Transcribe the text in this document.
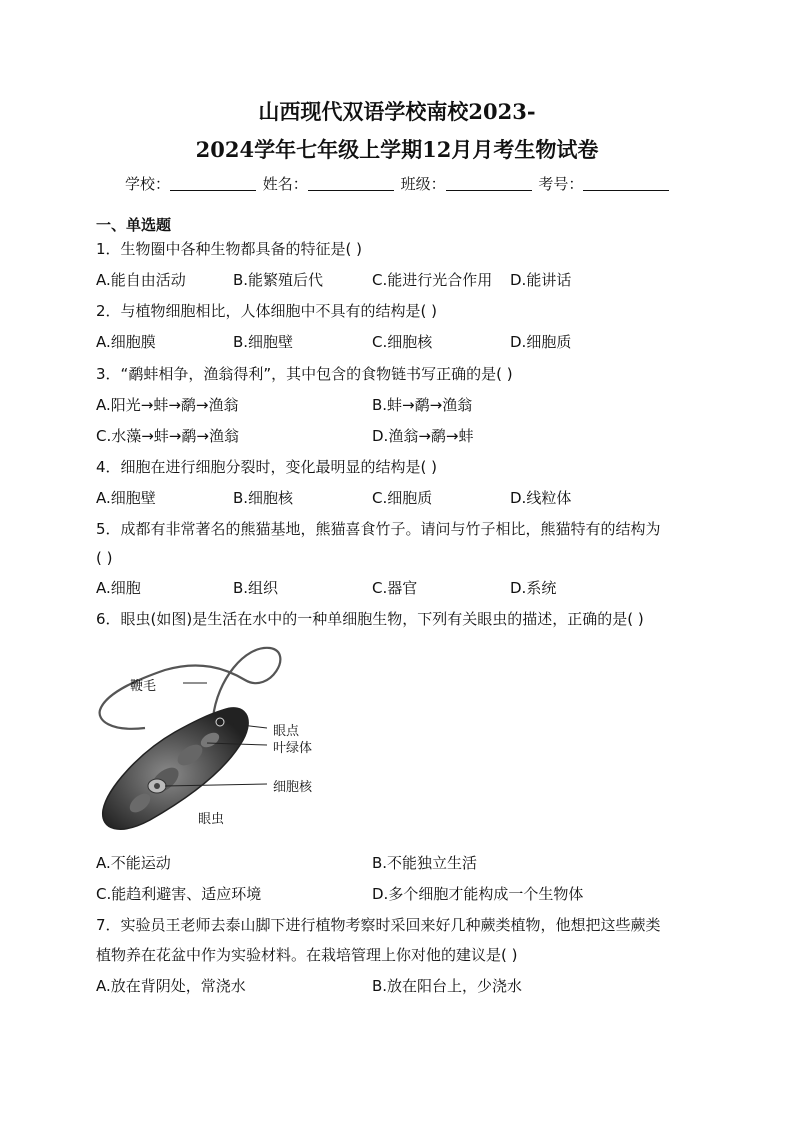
山西现代双语学校南校2023-
2024学年七年级上学期12月月考生物试卷
学校：	姓名：	班级：	考号：
一、单选题
1．生物圈中各种生物都具备的特征是( )
A.能自由活动	B.能繁殖后代	C.能进行光合作用 D.能讲话
2．与植物细胞相比，人体细胞中不具有的结构是( )
A.细胞膜	B.细胞壁	C.细胞核	D.细胞质
3．“鹬蚌相争，渔翁得利”，其中包含的食物链书写正确的是( )
A.阳光→蚌→鹬→渔翁	B.蚌→鹬→渔翁
C.水藻→蚌→鹬→渔翁	D.渔翁→鹬→蚌
4．细胞在进行细胞分裂时，变化最明显的结构是( )
A.细胞壁	B.细胞核	C.细胞质	D.线粒体
5．成都有非常著名的熊猫基地，熊猫喜食竹子。请问与竹子相比，熊猫特有的结构为
( )
A.细胞	B.组织	C.器官	D.系统
6．眼虫(如图)是生活在水中的一种单细胞生物，下列有关眼虫的描述，正确的是( )
鞭毛
眼点
叶绿体
细胞核
眼虫
A.不能运动	B.不能独立生活
C.能趋利避害、适应环境	D.多个细胞才能构成一个生物体
7．实验员王老师去泰山脚下进行植物考察时采回来好几种蕨类植物，他想把这些蕨类
植物养在花盆中作为实验材料。在栽培管理上你对他的建议是( )
A.放在背阴处，常浇水	B.放在阳台上，少浇水
